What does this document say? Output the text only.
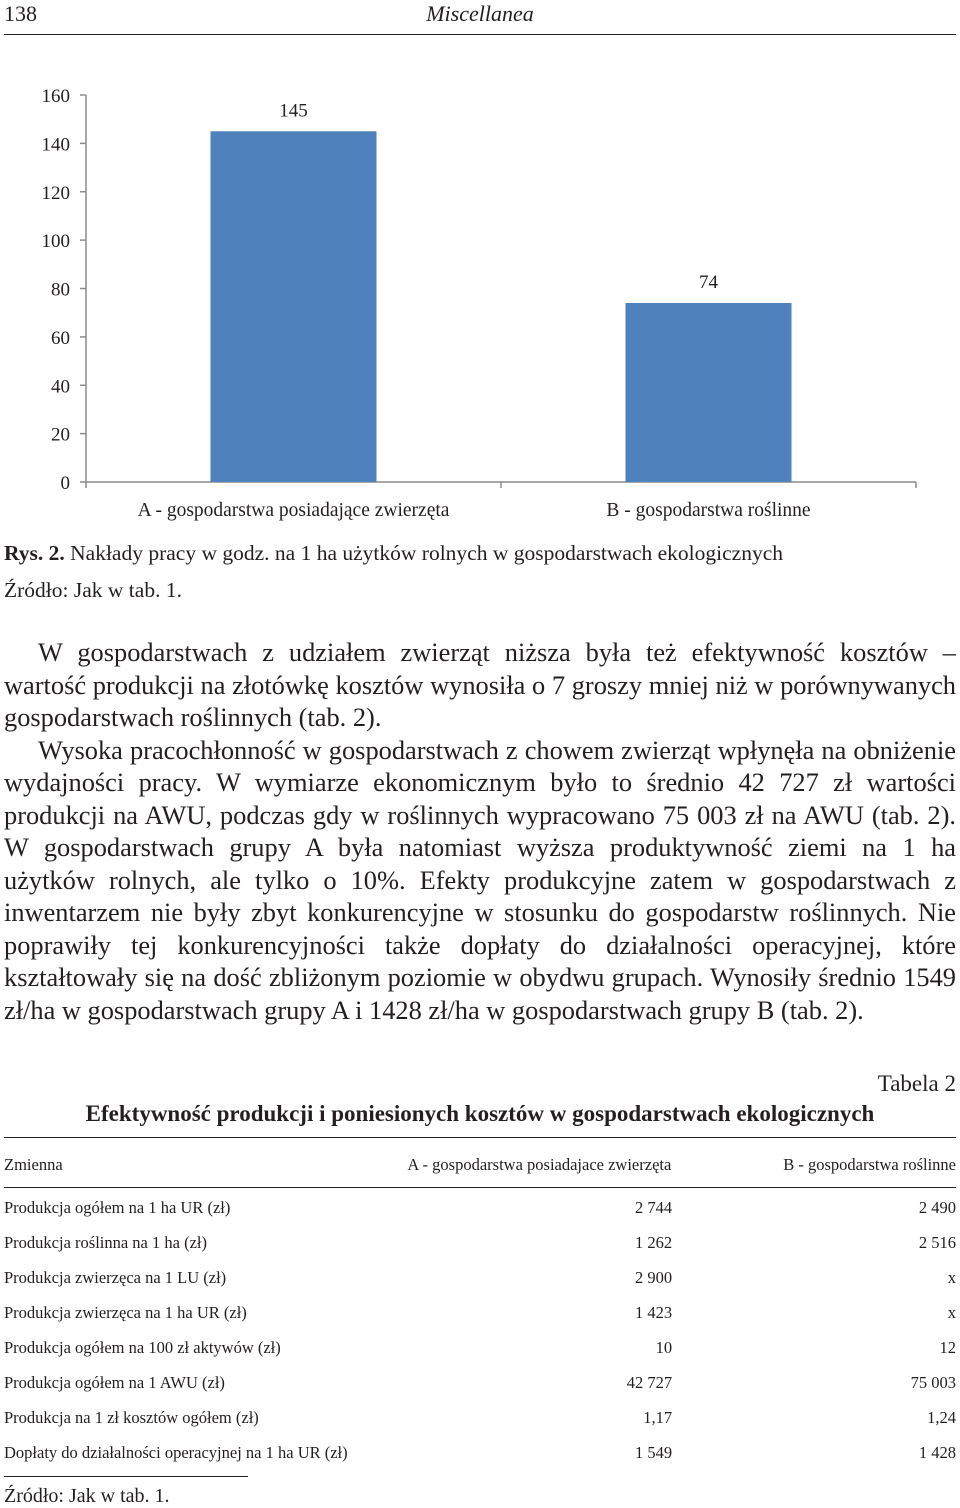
138	Miscellanea
0
20
40
60
80
100
120
140
160
145
A - gospodarstwa posiadające zwierzęta
74
B - gospodarstwa roślinne
Rys. 2. Nakłady pracy w godz. na 1 ha użytków rolnych w gospodarstwach ekologicznych
Źródło: Jak w tab. 1.

W gospodarstwach z udziałem zwierząt niższa była też efektywność kosztów – wartość produkcji na złotówkę kosztów wynosiła o 7 groszy mniej niż w porównywanych gospodarstwach roślinnych (tab. 2).

Wysoka pracochłonność w gospodarstwach z chowem zwierząt wpłynęła na obniżenie wydajności pracy. W wymiarze ekonomicznym było to średnio 42 727 zł wartości produkcji na AWU, podczas gdy w roślinnych wypracowano 75 003 zł na AWU (tab. 2). W gospodarstwach grupy A była natomiast wyższa produktywność ziemi na 1 ha użytków rolnych, ale tylko o 10%. Efekty produkcyjne zatem w gospodarstwach z inwentarzem nie były zbyt konkurencyjne w stosunku do gospodarstw roślinnych. Nie poprawiły tej konkurencyjności także dopłaty do działalności operacyjnej, które kształtowały się na dość zbliżonym poziomie w obydwu grupach. Wynosiły średnio 1549 zł/ha w gospodarstwach grupy A i 1428 zł/ha w gospodarstwach grupy B (tab. 2).

Tabela 2
Efektywność produkcji i poniesionych kosztów w gospodarstwach ekologicznych
Zmienna	A - gospodarstwa posiadajace zwierzęta	B - gospodarstwa roślinne
Produkcja ogółem na 1 ha UR (zł)	2 744	2 490
Produkcja roślinna na 1 ha (zł)	1 262	2 516
Produkcja zwierzęca na 1 LU (zł)	2 900	x
Produkcja zwierzęca na 1 ha UR (zł)	1 423	x
Produkcja ogółem na 100 zł aktywów (zł)	10	12
Produkcja ogółem na 1 AWU (zł)	42 727	75 003
Produkcja na 1 zł kosztów ogółem (zł)	1,17	1,24
Dopłaty do działalności operacyjnej na 1 ha UR (zł)	1 549	1 428
Źródło: Jak w tab. 1.
